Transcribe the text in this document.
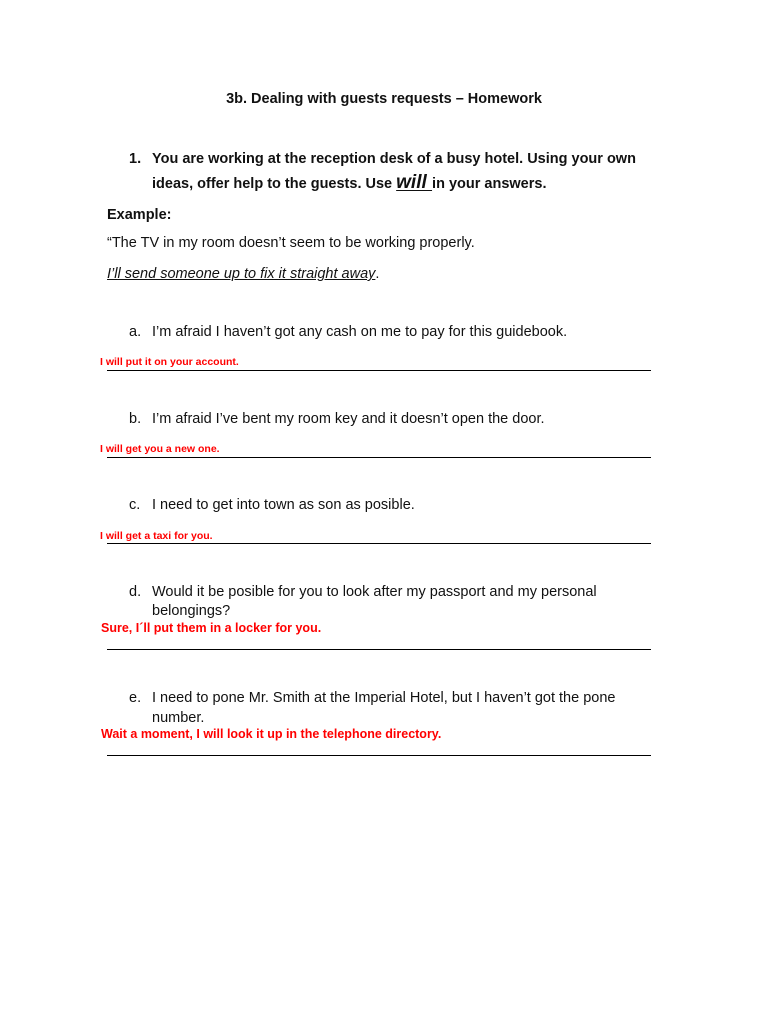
3b. Dealing with guests requests – Homework
1. You are working at the reception desk of a busy hotel. Using your own
ideas, offer help to the guests. Use will in your answers.
Example:
“The TV in my room doesn’t seem to be working properly.
I’ll send someone up to fix it straight away.
a. I’m afraid I haven’t got any cash on me to pay for this guidebook.
I will put it on your account.
b. I’m afraid I’ve bent my room key and it doesn’t open the door.
I will get you a new one.
c. I need to get into town as son as posible.
I will get a taxi for you.
d. Would it be posible for you to look after my passport and my personal
belongings?
Sure, I´ll put them in a locker for you.
e. I need to pone Mr. Smith at the Imperial Hotel, but I haven’t got the pone
number.
Wait a moment, I will look it up in the telephone directory.
